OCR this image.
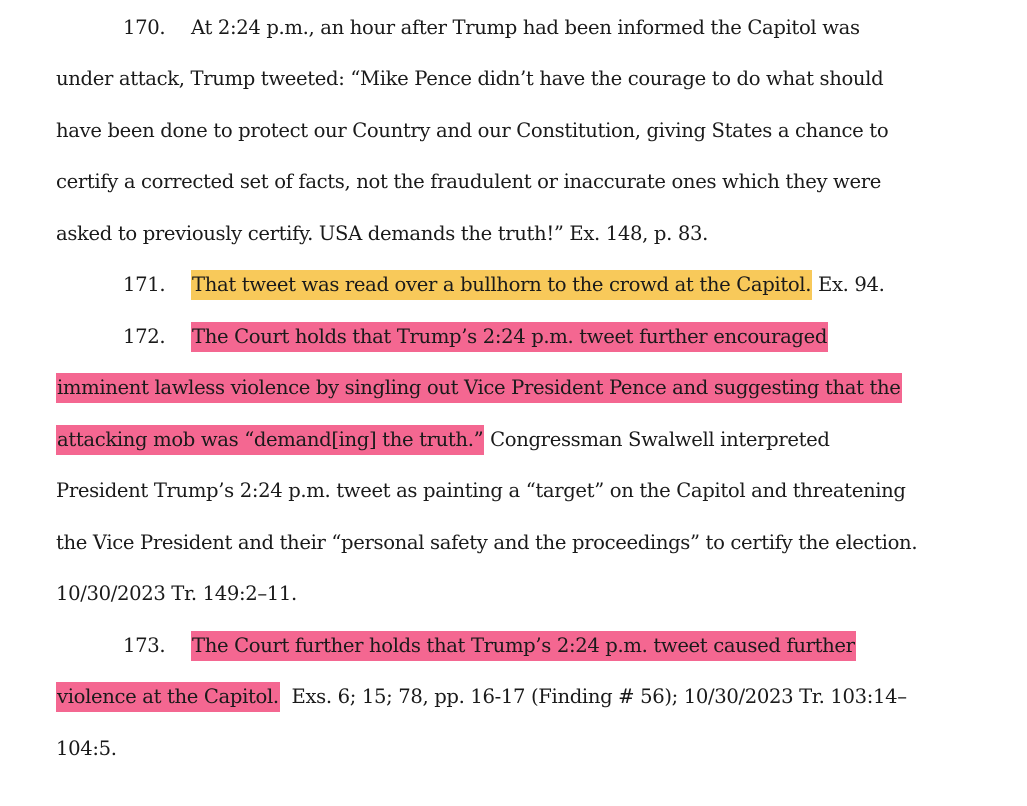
170. At 2:24 p.m., an hour after Trump had been informed the Capitol was
under attack, Trump tweeted: “Mike Pence didn’t have the courage to do what should
have been done to protect our Country and our Constitution, giving States a chance to
certify a corrected set of facts, not the fraudulent or inaccurate ones which they were
asked to previously certify. USA demands the truth!” Ex. 148, p. 83.
171. That tweet was read over a bullhorn to the crowd at the Capitol. Ex. 94.
172. The Court holds that Trump’s 2:24 p.m. tweet further encouraged
imminent lawless violence by singling out Vice President Pence and suggesting that the
attacking mob was “demand[ing] the truth.” Congressman Swalwell interpreted
President Trump’s 2:24 p.m. tweet as painting a “target” on the Capitol and threatening
the Vice President and their “personal safety and the proceedings” to certify the election.
10/30/2023 Tr. 149:2–11.
173. The Court further holds that Trump’s 2:24 p.m. tweet caused further
violence at the Capitol.  Exs. 6; 15; 78, pp. 16-17 (Finding # 56); 10/30/2023 Tr. 103:14–
104:5.
